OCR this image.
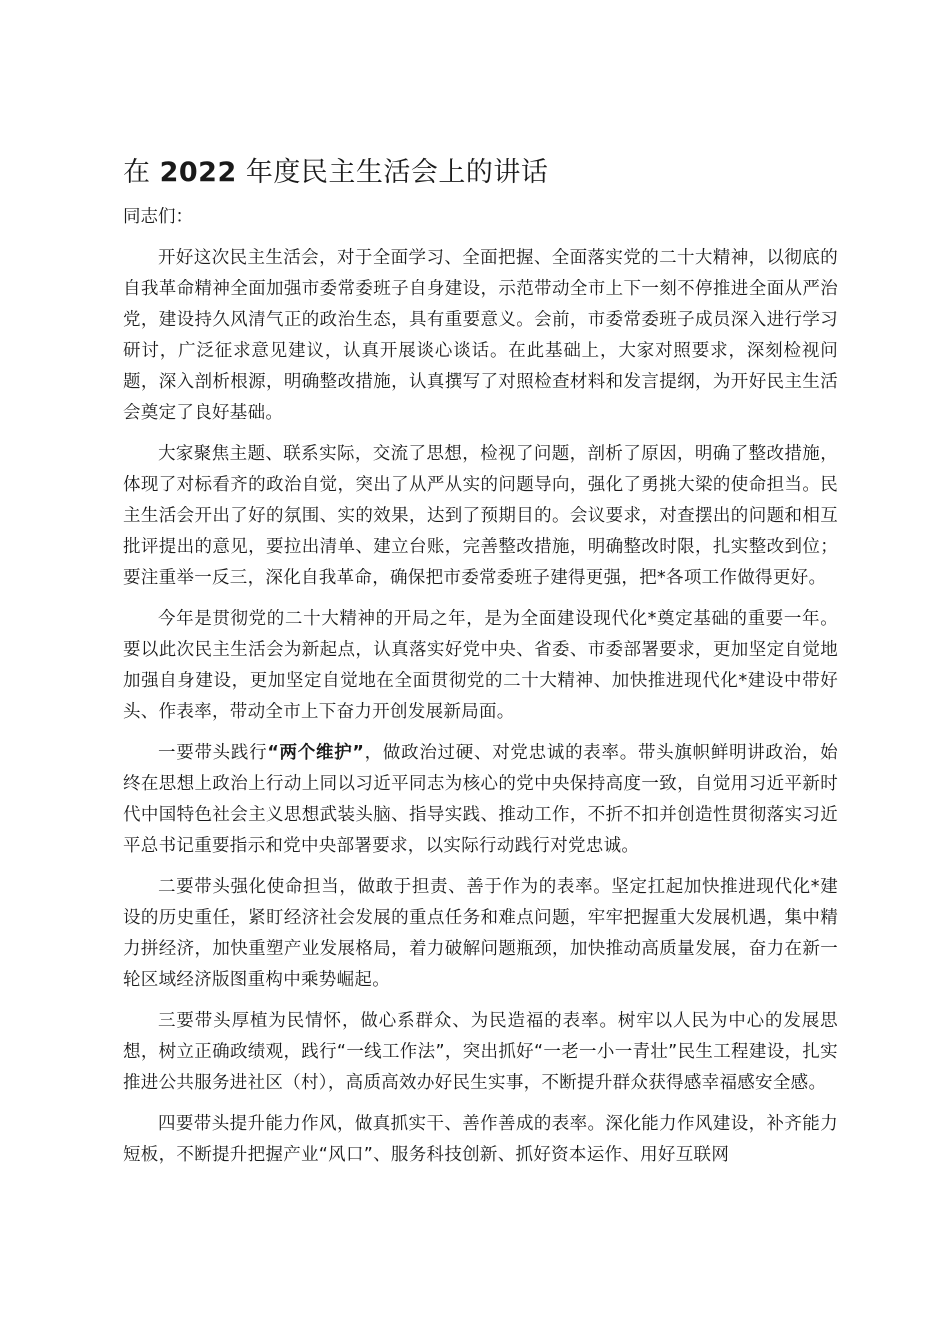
在 2022 年度民主生活会上的讲话

同志们：

开好这次民主生活会，对于全面学习、全面把握、全面落实党的二十大精神，以彻底的自我革命精神全面加强市委常委班子自身建设，示范带动全市上下一刻不停推进全面从严治党，建设持久风清气正的政治生态，具有重要意义。会前，市委常委班子成员深入进行学习研讨，广泛征求意见建议，认真开展谈心谈话。在此基础上，大家对照要求，深刻检视问题，深入剖析根源，明确整改措施，认真撰写了对照检查材料和发言提纲，为开好民主生活会奠定了良好基础。

大家聚焦主题、联系实际，交流了思想，检视了问题，剖析了原因，明确了整改措施，体现了对标看齐的政治自觉，突出了从严从实的问题导向，强化了勇挑大梁的使命担当。民主生活会开出了好的氛围、实的效果，达到了预期目的。会议要求，对查摆出的问题和相互批评提出的意见，要拉出清单、建立台账，完善整改措施，明确整改时限，扎实整改到位；要注重举一反三，深化自我革命，确保把市委常委班子建得更强，把*各项工作做得更好。

今年是贯彻党的二十大精神的开局之年，是为全面建设现代化*奠定基础的重要一年。要以此次民主生活会为新起点，认真落实好党中央、省委、市委部署要求，更加坚定自觉地加强自身建设，更加坚定自觉地在全面贯彻党的二十大精神、加快推进现代化*建设中带好头、作表率，带动全市上下奋力开创发展新局面。

一要带头践行“两个维护”，做政治过硬、对党忠诚的表率。带头旗帜鲜明讲政治，始终在思想上政治上行动上同以习近平同志为核心的党中央保持高度一致，自觉用习近平新时代中国特色社会主义思想武装头脑、指导实践、推动工作，不折不扣并创造性贯彻落实习近平总书记重要指示和党中央部署要求，以实际行动践行对党忠诚。

二要带头强化使命担当，做敢于担责、善于作为的表率。坚定扛起加快推进现代化*建设的历史重任，紧盯经济社会发展的重点任务和难点问题，牢牢把握重大发展机遇，集中精力拼经济，加快重塑产业发展格局，着力破解问题瓶颈，加快推动高质量发展，奋力在新一轮区域经济版图重构中乘势崛起。

三要带头厚植为民情怀，做心系群众、为民造福的表率。树牢以人民为中心的发展思想，树立正确政绩观，践行“一线工作法”，突出抓好“一老一小一青壮”民生工程建设，扎实推进公共服务进社区（村），高质高效办好民生实事，不断提升群众获得感幸福感安全感。

四要带头提升能力作风，做真抓实干、善作善成的表率。深化能力作风建设，补齐能力短板，不断提升把握产业“风口”、服务科技创新、抓好资本运作、用好互联网
